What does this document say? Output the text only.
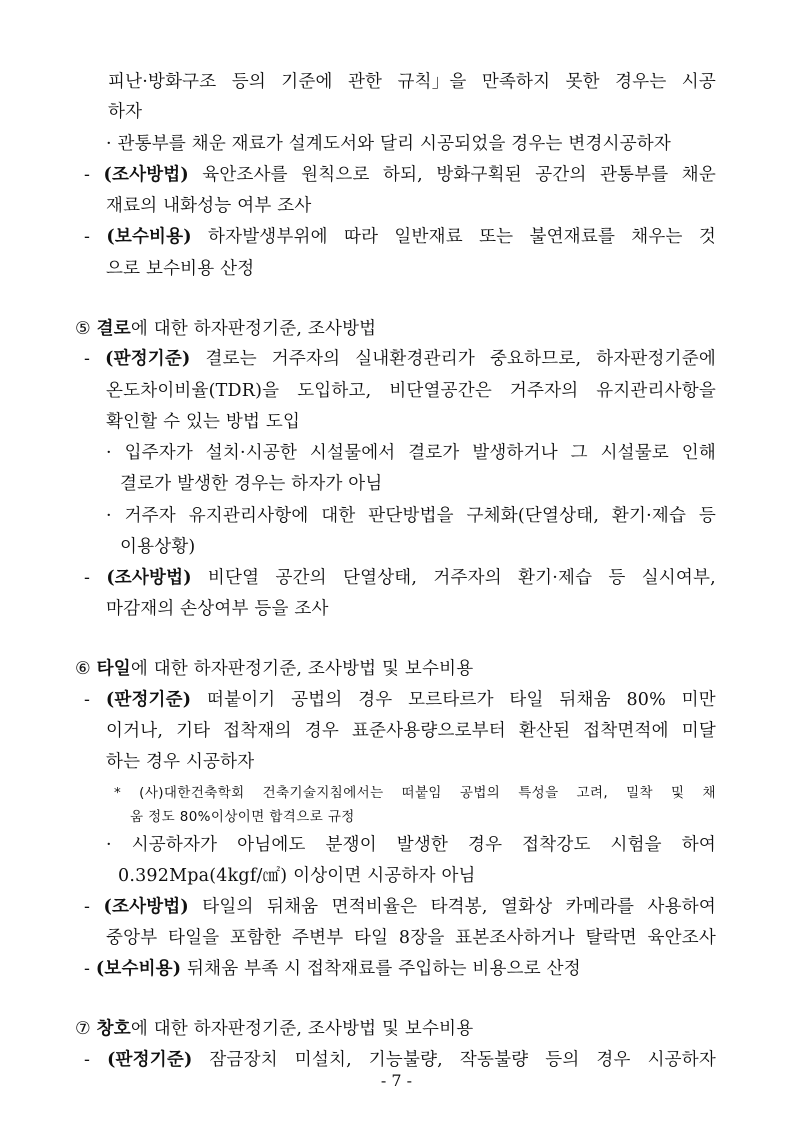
피난·방화구조 등의 기준에 관한 규칙」을 만족하지 못한 경우는 시공
하자
· 관통부를 채운 재료가 설계도서와 달리 시공되었을 경우는 변경시공하자
- (조사방법) 육안조사를 원칙으로 하되, 방화구획된 공간의 관통부를 채운
재료의 내화성능 여부 조사
- (보수비용) 하자발생부위에 따라 일반재료 또는 불연재료를 채우는 것
으로 보수비용 산정
⑤ 결로에 대한 하자판정기준, 조사방법
- (판정기준) 결로는 거주자의 실내환경관리가 중요하므로, 하자판정기준에
온도차이비율(TDR)을 도입하고, 비단열공간은 거주자의 유지관리사항을
확인할 수 있는 방법 도입
· 입주자가 설치·시공한 시설물에서 결로가 발생하거나 그 시설물로 인해
결로가 발생한 경우는 하자가 아님
· 거주자 유지관리사항에 대한 판단방법을 구체화(단열상태, 환기·제습 등
이용상황)
- (조사방법) 비단열 공간의 단열상태, 거주자의 환기·제습 등 실시여부,
마감재의 손상여부 등을 조사
⑥ 타일에 대한 하자판정기준, 조사방법 및 보수비용
- (판정기준) 떠붙이기 공법의 경우 모르타르가 타일 뒤채움 80% 미만
이거나, 기타 접착재의 경우 표준사용량으로부터 환산된 접착면적에 미달
하는 경우 시공하자
* (사)대한건축학회 건축기술지침에서는 떠붙임 공법의 특성을 고려, 밀착 및 채
움 정도 80%이상이면 합격으로 규정
· 시공하자가 아님에도 분쟁이 발생한 경우 접착강도 시험을 하여
0.392Mpa(4kgf/㎠) 이상이면 시공하자 아님
- (조사방법) 타일의 뒤채움 면적비율은 타격봉, 열화상 카메라를 사용하여
중앙부 타일을 포함한 주변부 타일 8장을 표본조사하거나 탈락면 육안조사
- (보수비용) 뒤채움 부족 시 접착재료를 주입하는 비용으로 산정
⑦ 창호에 대한 하자판정기준, 조사방법 및 보수비용
- (판정기준) 잠금장치 미설치, 기능불량, 작동불량 등의 경우 시공하자
- 7 -
